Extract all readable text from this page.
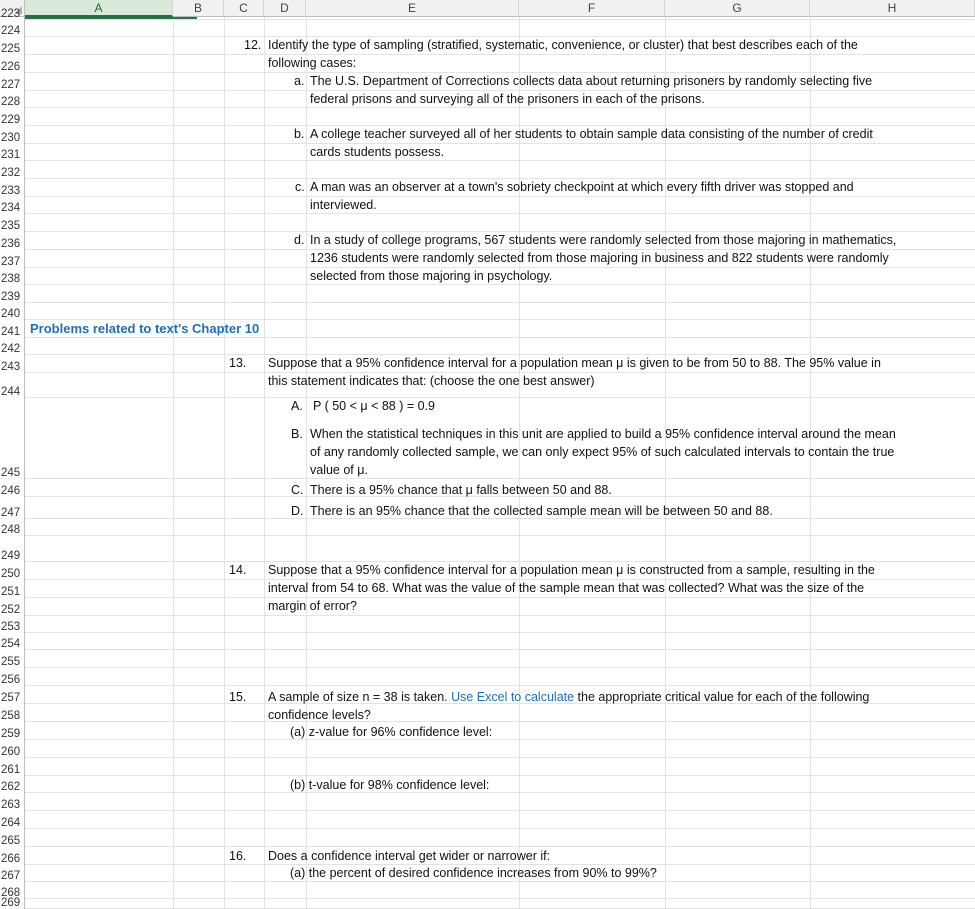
A	B	C	D	E	F	G	H
223
224
225
226
227
228
229
230
231
232
233
234
235
236
237
238
239
240
241
242
243
244
245
246
247
248
249
250
251
252
253
254
255
256
257
258
259
260
261
262
263
264
265
266
267
268
269
12. Identify the type of sampling (stratified, systematic, convenience, or cluster) that best describes each of the
following cases:
a. The U.S. Department of Corrections collects data about returning prisoners by randomly selecting five
federal prisons and surveying all of the prisoners in each of the prisons.
b. A college teacher surveyed all of her students to obtain sample data consisting of the number of credit
cards students possess.
c. A man was an observer at a town's sobriety checkpoint at which every fifth driver was stopped and
interviewed.
d. In a study of college programs, 567 students were randomly selected from those majoring in mathematics,
1236 students were randomly selected from those majoring in business and 822 students were randomly
selected from those majoring in psychology.
Problems related to text's Chapter 10
13. Suppose that a 95% confidence interval for a population mean μ is given to be from 50 to 88. The 95% value in
this statement indicates that: (choose the one best answer)
A. P ( 50 < μ < 88 ) = 0.9
B. When the statistical techniques in this unit are applied to build a 95% confidence interval around the mean
of any randomly collected sample, we can only expect 95% of such calculated intervals to contain the true
value of μ.
C. There is a 95% chance that μ falls between 50 and 88.
D. There is an 95% chance that the collected sample mean will be between 50 and 88.
14. Suppose that a 95% confidence interval for a population mean μ is constructed from a sample, resulting in the
interval from 54 to 68. What was the value of the sample mean that was collected? What was the size of the
margin of error?
15. A sample of size n = 38 is taken. Use Excel to calculate the appropriate critical value for each of the following
confidence levels?
(a) z-value for 96% confidence level:
(b) t-value for 98% confidence level:
16. Does a confidence interval get wider or narrower if:
(a) the percent of desired confidence increases from 90% to 99%?
